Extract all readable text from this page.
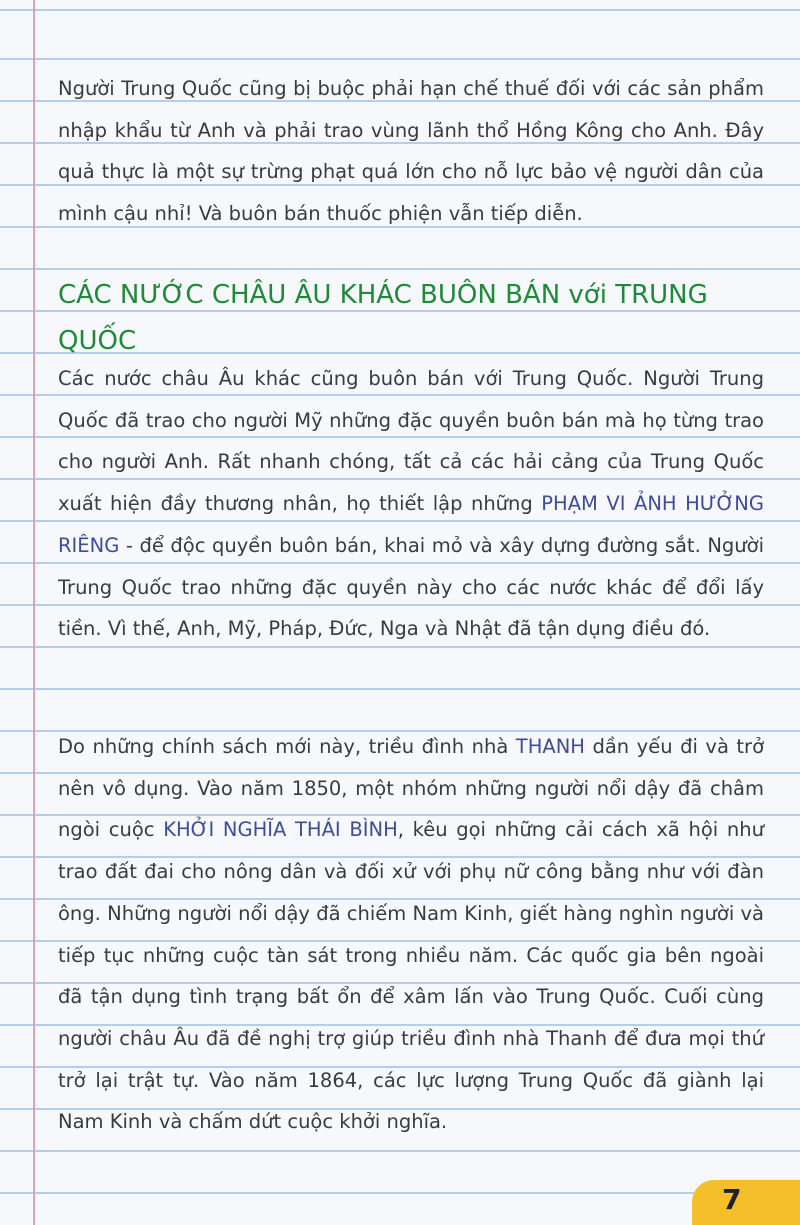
Người Trung Quốc cũng bị buộc phải hạn chế thuế đối với các sản phẩm nhập khẩu từ Anh và phải trao vùng lãnh thổ Hồng Kông cho Anh. Đây quả thực là một sự trừng phạt quá lớn cho nỗ lực bảo vệ người dân của mình cậu nhỉ! Và buôn bán thuốc phiện vẫn tiếp diễn.

CÁC NƯỚC CHÂU ÂU KHÁC BUÔN BÁN với TRUNG QUỐC

Các nước châu Âu khác cũng buôn bán với Trung Quốc. Người Trung Quốc đã trao cho người Mỹ những đặc quyền buôn bán mà họ từng trao cho người Anh. Rất nhanh chóng, tất cả các hải cảng của Trung Quốc xuất hiện đầy thương nhân, họ thiết lập những PHẠM VI ẢNH HƯỞNG RIÊNG - để độc quyền buôn bán, khai mỏ và xây dựng đường sắt. Người Trung Quốc trao những đặc quyền này cho các nước khác để đổi lấy tiền. Vì thế, Anh, Mỹ, Pháp, Đức, Nga và Nhật đã tận dụng điều đó.

Do những chính sách mới này, triều đình nhà THANH dần yếu đi và trở nên vô dụng. Vào năm 1850, một nhóm những người nổi dậy đã châm ngòi cuộc KHỞI NGHĨA THÁI BÌNH, kêu gọi những cải cách xã hội như trao đất đai cho nông dân và đối xử với phụ nữ công bằng như với đàn ông. Những người nổi dậy đã chiếm Nam Kinh, giết hàng nghìn người và tiếp tục những cuộc tàn sát trong nhiều năm. Các quốc gia bên ngoài đã tận dụng tình trạng bất ổn để xâm lấn vào Trung Quốc. Cuối cùng người châu Âu đã đề nghị trợ giúp triều đình nhà Thanh để đưa mọi thứ trở lại trật tự. Vào năm 1864, các lực lượng Trung Quốc đã giành lại Nam Kinh và chấm dứt cuộc khởi nghĩa.

7
